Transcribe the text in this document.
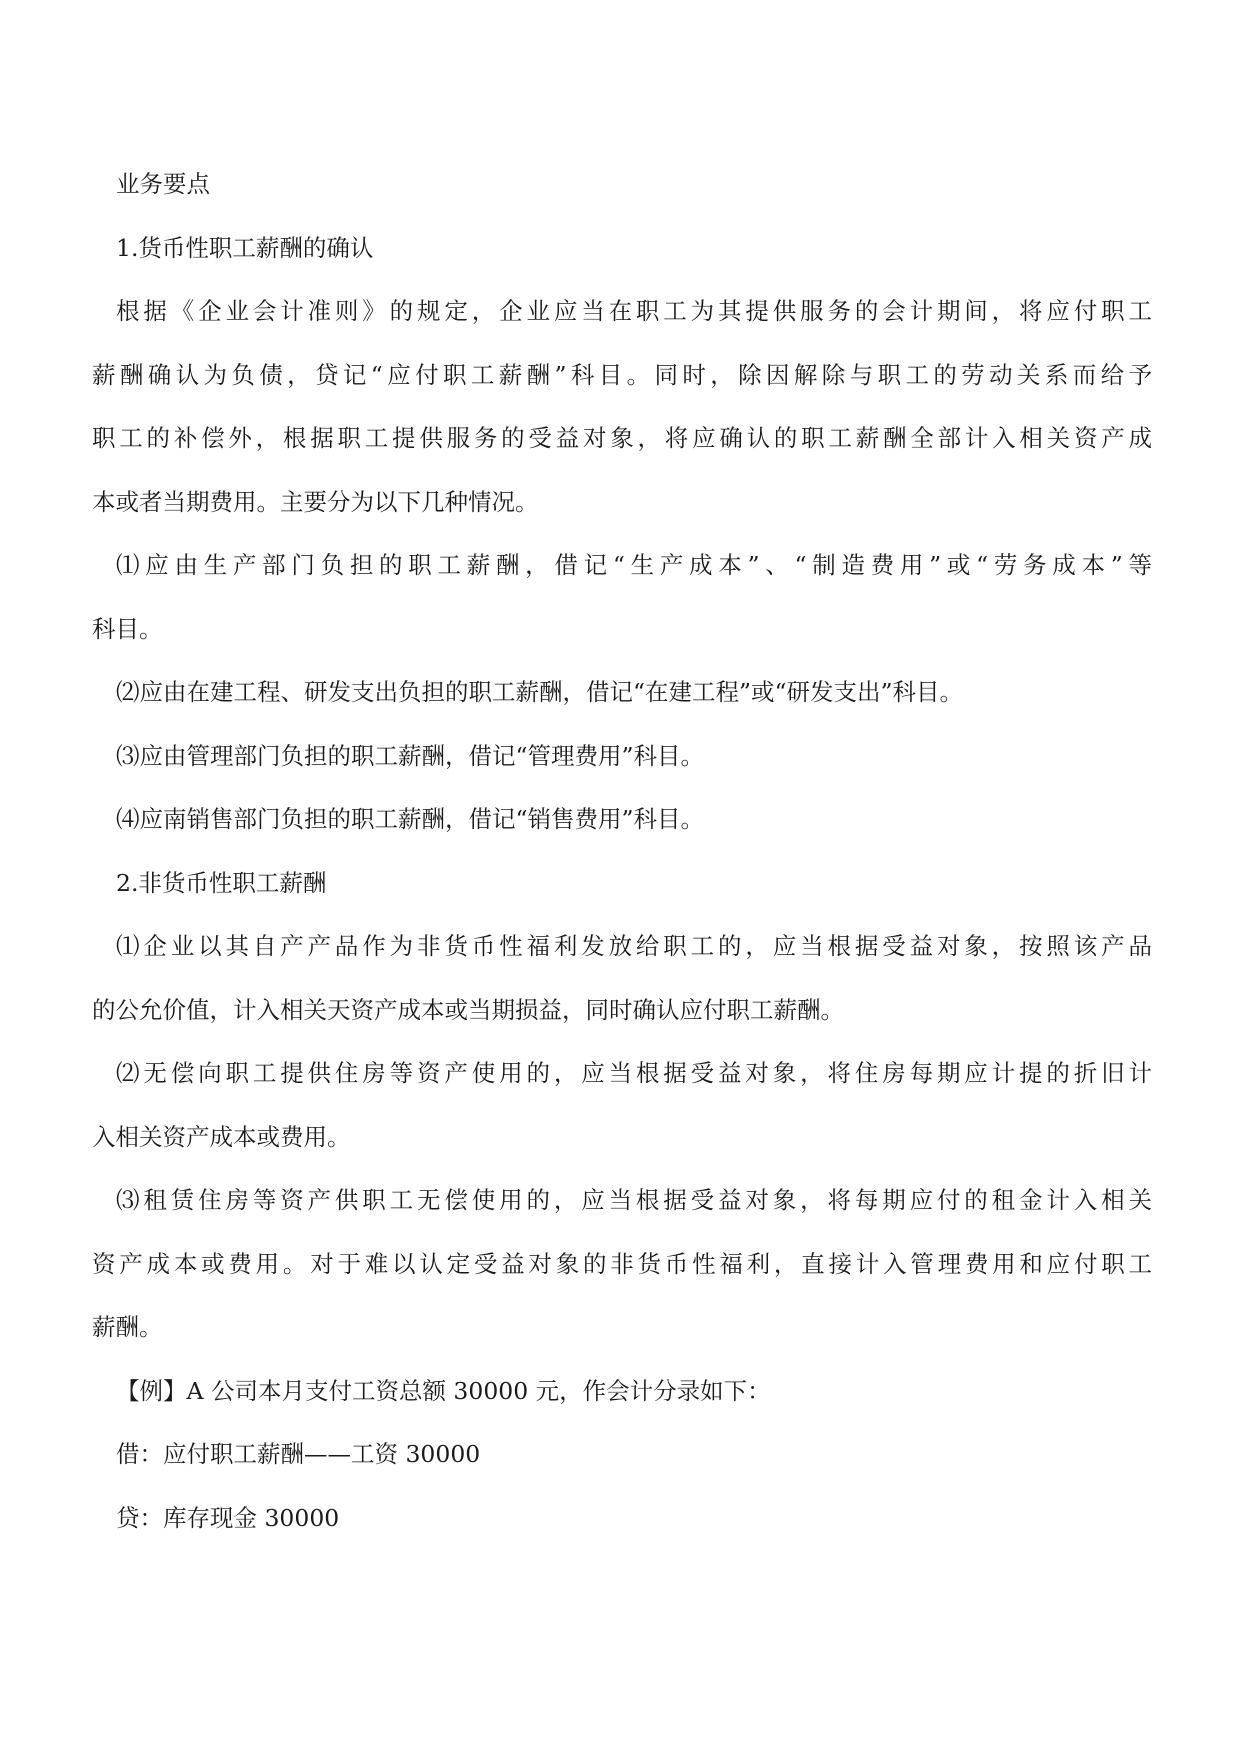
业务要点

1.货币性职工薪酬的确认

根据《企业会计准则》的规定，企业应当在职工为其提供服务的会计期间，将应付职工

薪酬确认为负债，贷记“应付职工薪酬”科目。同时，除因解除与职工的劳动关系而给予

职工的补偿外，根据职工提供服务的受益对象，将应确认的职工薪酬全部计入相关资产成

本或者当期费用。主要分为以下几种情况。

⑴应由生产部门负担的职工薪酬，借记“生产成本”、“制造费用”或“劳务成本”等

科目。

⑵应由在建工程、研发支出负担的职工薪酬，借记“在建工程”或“研发支出”科目。

⑶应由管理部门负担的职工薪酬，借记“管理费用”科目。

⑷应南销售部门负担的职工薪酬，借记“销售费用”科目。

2.非货币性职工薪酬

⑴企业以其自产产品作为非货币性福利发放给职工的，应当根据受益对象，按照该产品

的公允价值，计入相关天资产成本或当期损益，同时确认应付职工薪酬。

⑵无偿向职工提供住房等资产使用的，应当根据受益对象，将住房每期应计提的折旧计

入相关资产成本或费用。

⑶租赁住房等资产供职工无偿使用的，应当根据受益对象，将每期应付的租金计入相关

资产成本或费用。对于难以认定受益对象的非货币性福利，直接计入管理费用和应付职工

薪酬。

【例】A 公司本月支付工资总额 30000 元，作会计分录如下：

借：应付职工薪酬——工资 30000

贷：库存现金 30000
